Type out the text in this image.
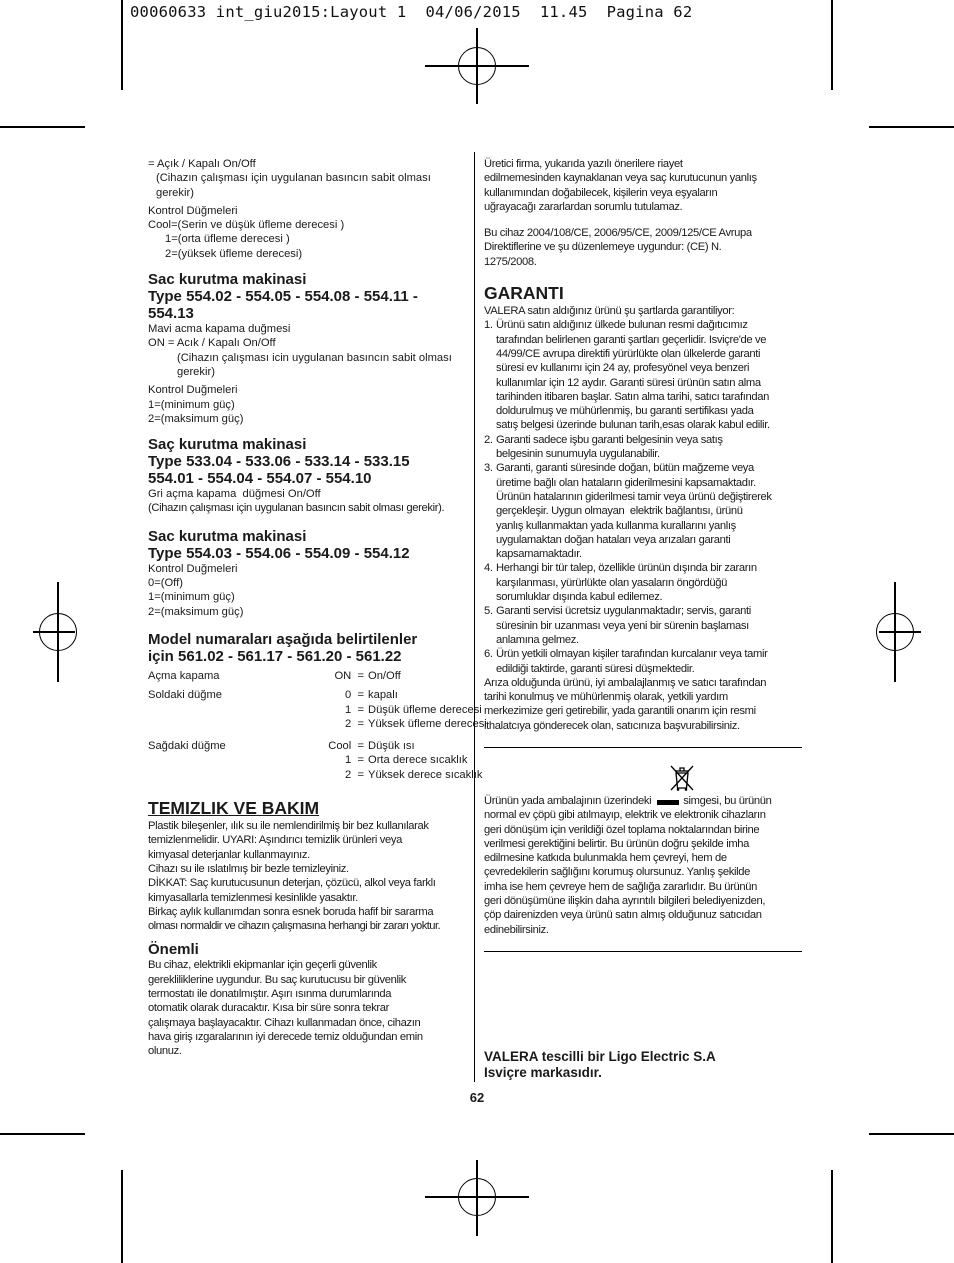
00060633 int_giu2015:Layout 1  04/06/2015  11.45  Pagina 62
= Açık / Kapalı On/Off
(Cihazın çalışması için uygulanan basıncın sabit olması
gerekir)
Kontrol Düğmeleri
Cool=(Serin ve düşük üfleme derecesi )
1=(orta üfleme derecesi )
2=(yüksek üfleme derecesi)
Sac kurutma makinasi
Type 554.02 - 554.05 - 554.08 - 554.11 -
554.13
Mavi acma kapama duğmesi
ON = Acık / Kapalı On/Off
(Cihazın çalışması icin uygulanan basıncın sabit olması
gerekir)
Kontrol Duğmeleri
1=(minimum güç)
2=(maksimum güç)
Saç kurutma makinasi
Type 533.04 - 533.06 - 533.14 - 533.15
554.01 - 554.04 - 554.07 - 554.10
Gri açma kapama  düğmesi On/Off
(Cihazın çalışması için uygulanan basıncın sabit olması gerekir).
Sac kurutma makinasi
Type 554.03 - 554.06 - 554.09 - 554.12
Kontrol Duğmeleri
0=(Off)
1=(minimum güç)
2=(maksimum güç)
Model numaraları aşağıda belirtilenler
için 561.02 - 561.17 - 561.20 - 561.22
Açma kapama	ON  = On/Off
Soldaki düğme	0  = kapalı
1  = Düşük üfleme derecesi
2  = Yüksek üfleme derecesi
Sağdaki düğme	Cool  = Düşük ısı
1  = Orta derece sıcaklık
2  = Yüksek derece sıcaklık
TEMIZLIK VE BAKIM
Plastik bileşenler, ılık su ile nemlendirilmiş bir bez kullanılarak
temizlenmelidir. UYARI: Aşındırıcı temizlik ürünleri veya
kimyasal deterjanlar kullanmayınız.
Cihazı su ile ıslatılmış bir bezle temizleyiniz.
DİKKAT: Saç kurutucusunun deterjan, çözücü, alkol veya farklı
kimyasallarla temizlenmesi kesinlikle yasaktır.
Birkaç aylık kullanımdan sonra esnek boruda hafif bir sararma
olması normaldir ve cihazın çalışmasına herhangi bir zararı yoktur.
Önemli
Bu cihaz, elektrikli ekipmanlar için geçerli güvenlik
gerekliliklerine uygundur. Bu saç kurutucusu bir güvenlik
termostatı ile donatılmıştır. Aşırı ısınma durumlarında
otomatik olarak duracaktır. Kısa bir süre sonra tekrar
çalışmaya başlayacaktır. Cihazı kullanmadan önce, cihazın
hava giriş ızgaralarının iyi derecede temiz olduğundan emin
olunuz.
Üretici firma, yukarıda yazılı önerilere riayet
edilmemesinden kaynaklanan veya saç kurutucunun yanlış
kullanımından doğabilecek, kişilerin veya eşyaların
uğrayacağı zararlardan sorumlu tutulamaz.
Bu cihaz 2004/108/CE, 2006/95/CE, 2009/125/CE Avrupa
Direktiflerine ve şu düzenlemeye uygundur: (CE) N.
1275/2008.
GARANTI
VALERA satın aldığınız ürünü şu şartlarda garantiliyor:
1. Ürünü satın aldığınız ülkede bulunan resmi dağıtıcımız
tarafından belirlenen garanti şartları geçerlidir. Isviçre'de ve
44/99/CE avrupa direktifi yürürlükte olan ülkelerde garanti
süresi ev kullanımı için 24 ay, profesyönel veya benzeri
kullanımlar için 12 aydır. Garanti süresi ürünün satın alma
tarihinden itibaren başlar. Satın alma tarihi, satıcı tarafından
doldurulmuş ve mühürlenmiş, bu garanti sertifikası yada
satış belgesi üzerinde bulunan tarih,esas olarak kabul edilir.
2. Garanti sadece işbu garanti belgesinin veya satış
belgesinin sunumuyla uygulanabilir.
3. Garanti, garanti süresinde doğan, bütün mağzeme veya
üretime bağlı olan hataların giderilmesini kapsamaktadır.
Ürünün hatalarının giderilmesi tamir veya ürünü değiştirerek
gerçekleşir. Uygun olmayan  elektrik bağlantısı, ürünü
yanlış kullanmaktan yada kullanma kurallarını yanlış
uygulamaktan doğan hataları veya arızaları garanti
kapsamamaktadır.
4. Herhangi bir tür talep, özellikle ürünün dışında bir zararın
karşılanması, yürürlükte olan yasaların öngördüğü
sorumluklar dışında kabul edilemez.
5. Garanti servisi ücretsiz uygulanmaktadır; servis, garanti
süresinin bir uzanması veya yeni bir sürenin başlaması
anlamına gelmez.
6. Ürün yetkili olmayan kişiler tarafından kurcalanır veya tamir
edildiği taktirde, garanti süresi düşmektedir.
Arıza olduğunda ürünü, iyi ambalajlanmış ve satıcı tarafından
tarihi konulmuş ve mühürlenmiş olarak, yetkili yardım
merkezimize geri getirebilir, yada garantili onarım için resmi
ithalatcıya gönderecek olan, satıcınıza başvurabilirsiniz.
Ürünün yada ambalajının üzerindeki	simgesi, bu ürünün
normal ev çöpü gibi atılmayıp, elektrik ve elektronik cihazların
geri dönüşüm için verildiği özel toplama noktalarından birine
verilmesi gerektiğini belirtir. Bu ürünün doğru şekilde imha
edilmesine katkıda bulunmakla hem çevreyi, hem de
çevredekilerin sağlığını korumuş olursunuz. Yanlış şekilde
imha ise hem çevreye hem de sağlığa zararlıdır. Bu ürünün
geri dönüşümüne ilişkin daha ayrıntılı bilgileri belediyenizden,
çöp dairenizden veya ürünü satın almış olduğunuz satıcıdan
edinebilirsiniz.
VALERA tescilli bir Ligo Electric S.A
Isviçre markasıdır.
62
